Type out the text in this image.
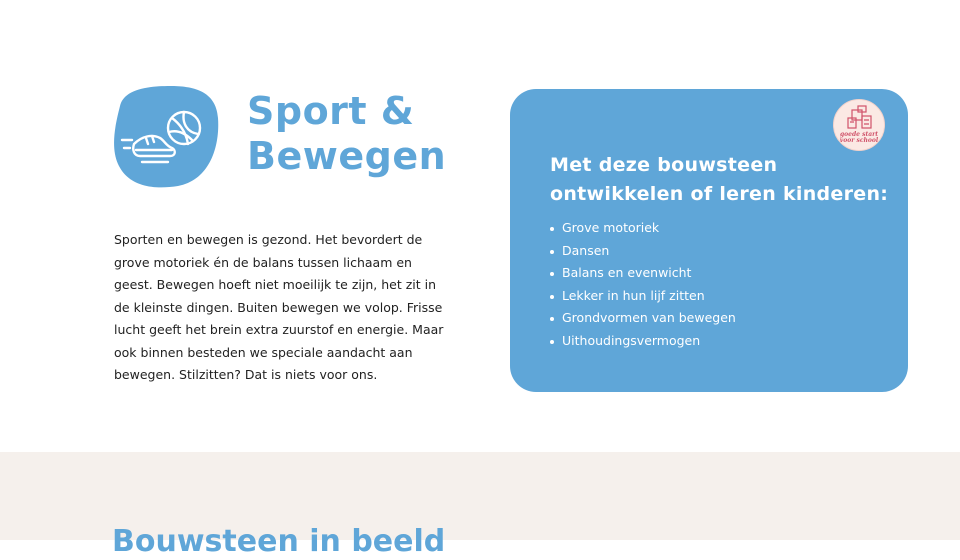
Sport &
Bewegen

Sporten en bewegen is gezond. Het bevordert de
grove motoriek én de balans tussen lichaam en
geest. Bewegen hoeft niet moeilijk te zijn, het zit in
de kleinste dingen. Buiten bewegen we volop. Frisse
lucht geeft het brein extra zuurstof en energie. Maar
ook binnen besteden we speciale aandacht aan
bewegen. Stilzitten? Dat is niets voor ons.

goede start
voor school
Met deze bouwsteen
ontwikkelen of leren kinderen:
Grove motoriek
Dansen
Balans en evenwicht
Lekker in hun lijf zitten
Grondvormen van bewegen
Uithoudingsvermogen
Bouwsteen in beeld
